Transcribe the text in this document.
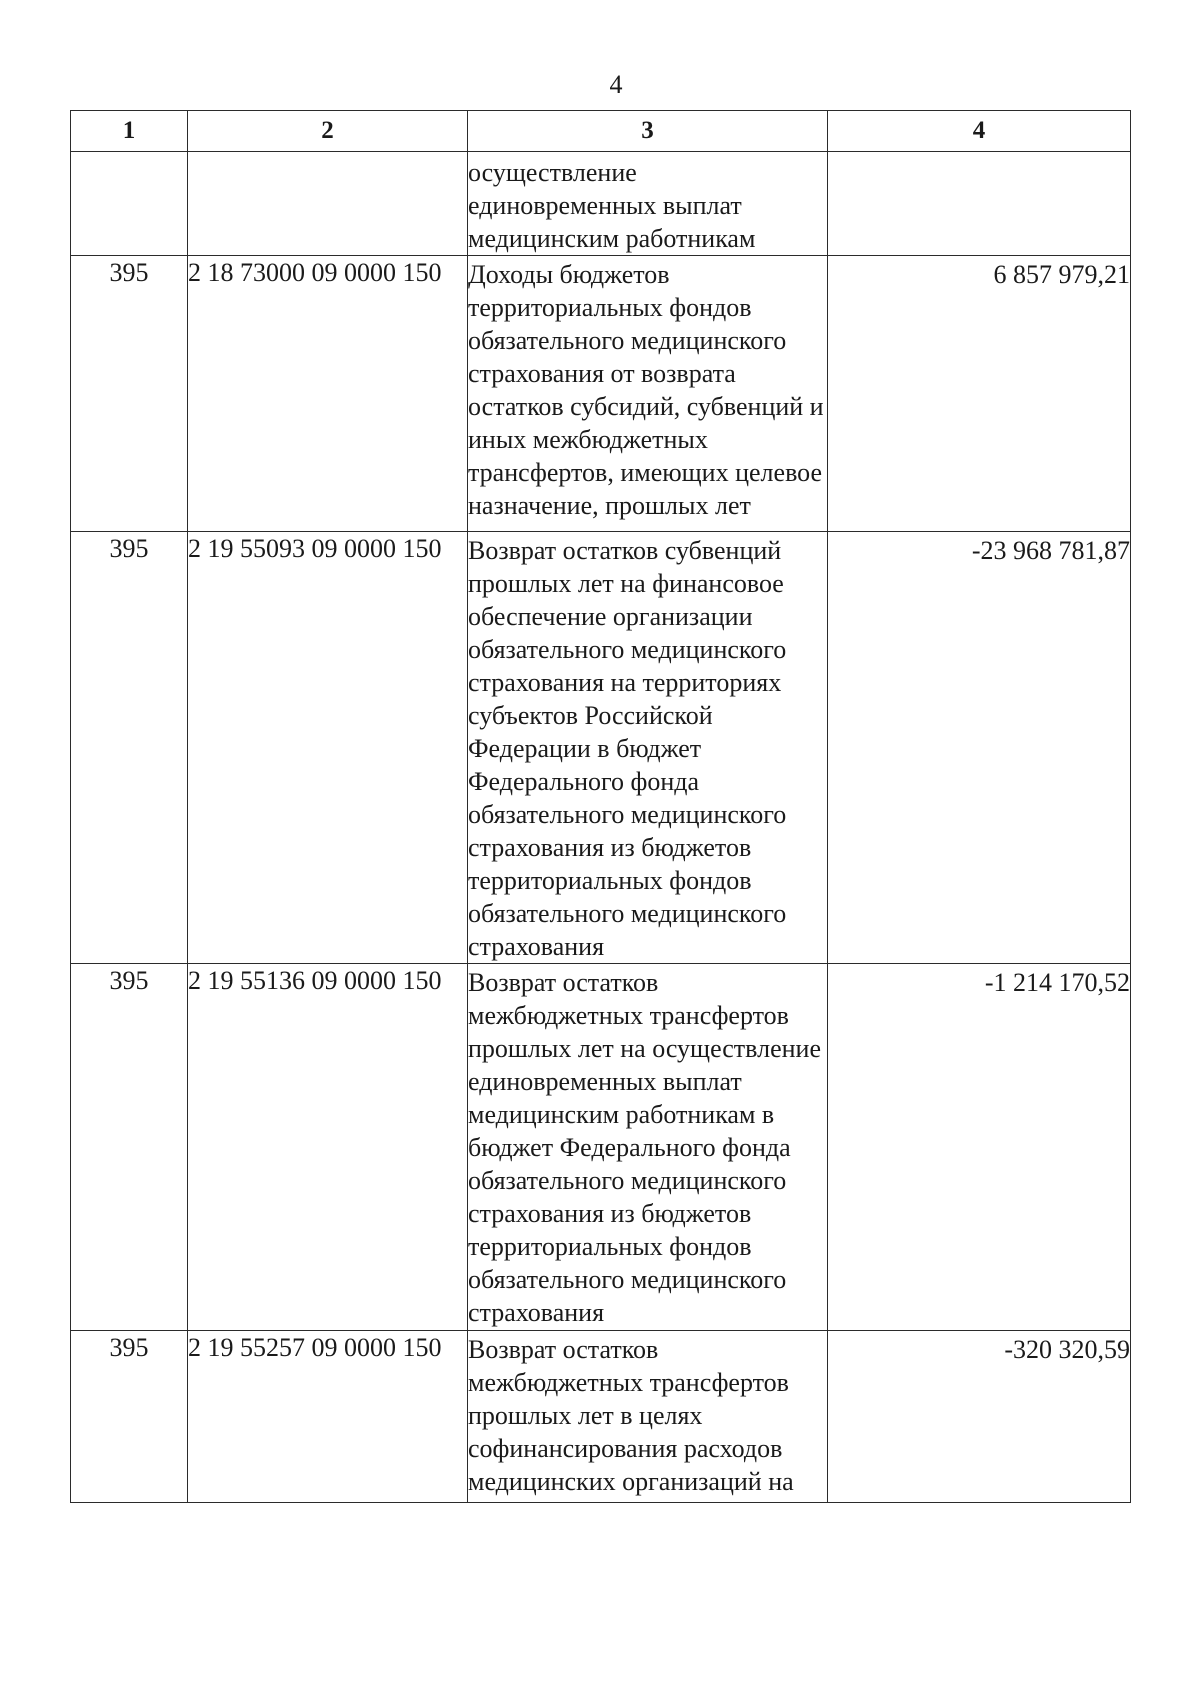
4
1	2	3	4
		осуществление единовременных выплат медицинским работникам	
395	2 18 73000 09 0000 150	Доходы бюджетов территориальных фондов обязательного медицинского страхования от возврата остатков субсидий, субвенций и иных межбюджетных трансфертов, имеющих целевое назначение, прошлых лет	6 857 979,21
395	2 19 55093 09 0000 150	Возврат остатков субвенций прошлых лет на финансовое обеспечение организации обязательного медицинского страхования на территориях субъектов Российской Федерации в бюджет Федерального фонда обязательного медицинского страхования из бюджетов территориальных фондов обязательного медицинского страхования	-23 968 781,87
395	2 19 55136 09 0000 150	Возврат остатков межбюджетных трансфертов прошлых лет на осуществление единовременных выплат медицинским работникам в бюджет Федерального фонда обязательного медицинского страхования из бюджетов территориальных фондов обязательного медицинского страхования	-1 214 170,52
395	2 19 55257 09 0000 150	Возврат остатков межбюджетных трансфертов прошлых лет в целях софинансирования расходов медицинских организаций на	-320 320,59
